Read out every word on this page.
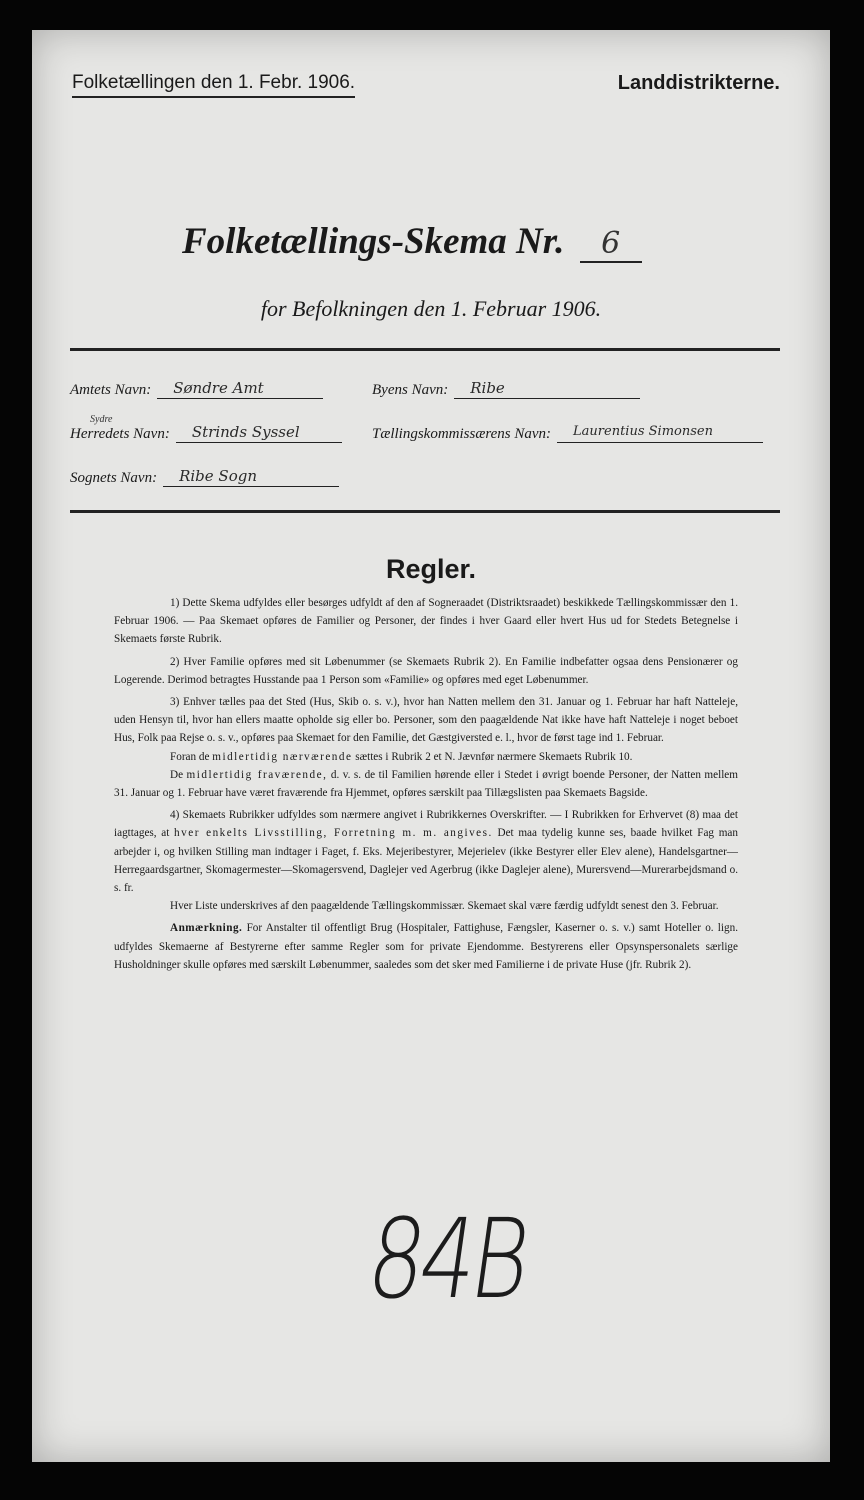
Folketællingen den 1. Febr. 1906.	Landdistrikterne.
Folketællings-Skema Nr. 6
for Befolkningen den 1. Februar 1906.
Amtets Navn:	Søndre Amt	Byens Navn:	Ribe
Sydre
Herredets Navn:	Strinds Syssel	Tællingskommissærens Navn:	Laurentius Simonsen
Sognets Navn:	Ribe Sogn
Regler.

1) Dette Skema udfyldes eller besørges udfyldt af den af Sogneraadet (Distriktsraadet) beskikkede Tællingskommissær den 1. Februar 1906. — Paa Skemaet opføres de Familier og Personer, der findes i hver Gaard eller hvert Hus ud for Stedets Betegnelse i Skemaets første Rubrik.

2) Hver Familie opføres med sit Løbenummer (se Skemaets Rubrik 2). En Familie indbefatter ogsaa dens Pensionærer og Logerende. Derimod betragtes Husstande paa 1 Person som «Familie» og opføres med eget Løbenummer.

3) Enhver tælles paa det Sted (Hus, Skib o. s. v.), hvor han Natten mellem den 31. Januar og 1. Februar har haft Natteleje, uden Hensyn til, hvor han ellers maatte opholde sig eller bo. Personer, som den paagældende Nat ikke have haft Natteleje i noget beboet Hus, Folk paa Rejse o. s. v., opføres paa Skemaet for den Familie, det Gæstgiversted e. l., hvor de først tage ind 1. Februar.

Foran de midlertidig nærværende sættes i Rubrik 2 et N. Jævnfør nærmere Skemaets Rubrik 10.

De midlertidig fraværende, d. v. s. de til Familien hørende eller i Stedet i øvrigt boende Personer, der Natten mellem 31. Januar og 1. Februar have været fraværende fra Hjemmet, opføres særskilt paa Tillægslisten paa Skemaets Bagside.

4) Skemaets Rubrikker udfyldes som nærmere angivet i Rubrikkernes Overskrifter. — I Rubrikken for Erhvervet (8) maa det iagttages, at hver enkelts Livsstilling, Forretning m. m. angives. Det maa tydelig kunne ses, baade hvilket Fag man arbejder i, og hvilken Stilling man indtager i Faget, f. Eks. Mejeribestyrer, Mejerielev (ikke Bestyrer eller Elev alene), Handelsgartner—Herregaardsgartner, Skomagermester—Skomagersvend, Daglejer ved Agerbrug (ikke Daglejer alene), Murersvend—Murerarbejdsmand o. s. fr.

Hver Liste underskrives af den paagældende Tællingskommissær. Skemaet skal være færdig udfyldt senest den 3. Februar.

Anmærkning. For Anstalter til offentligt Brug (Hospitaler, Fattighuse, Fængsler, Kaserner o. s. v.) samt Hoteller o. lign. udfyldes Skemaerne af Bestyrerne efter samme Regler som for private Ejendomme. Bestyrerens eller Opsynspersonalets særlige Husholdninger skulle opføres med særskilt Løbenummer, saaledes som det sker med Familierne i de private Huse (jfr. Rubrik 2).

84B
